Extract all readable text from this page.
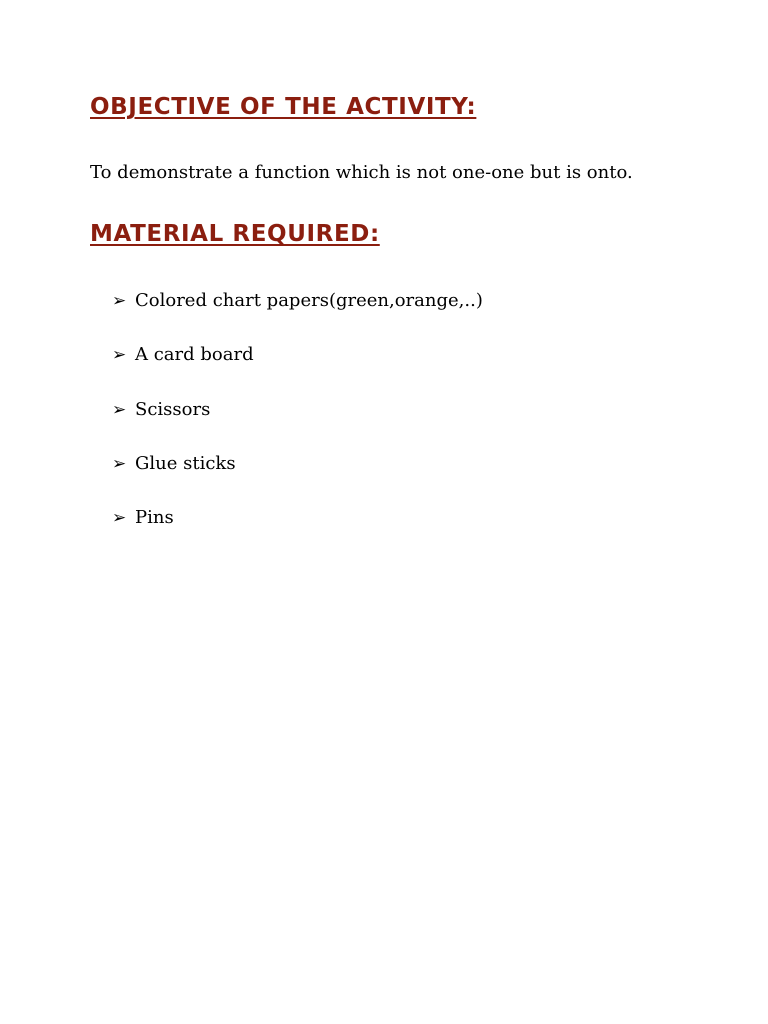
OBJECTIVE OF THE ACTIVITY:

To demonstrate a function which is not one-one but is onto.

MATERIAL REQUIRED:
➢ Colored chart papers(green,orange,..)
➢ A card board
➢ Scissors
➢ Glue sticks
➢ Pins
